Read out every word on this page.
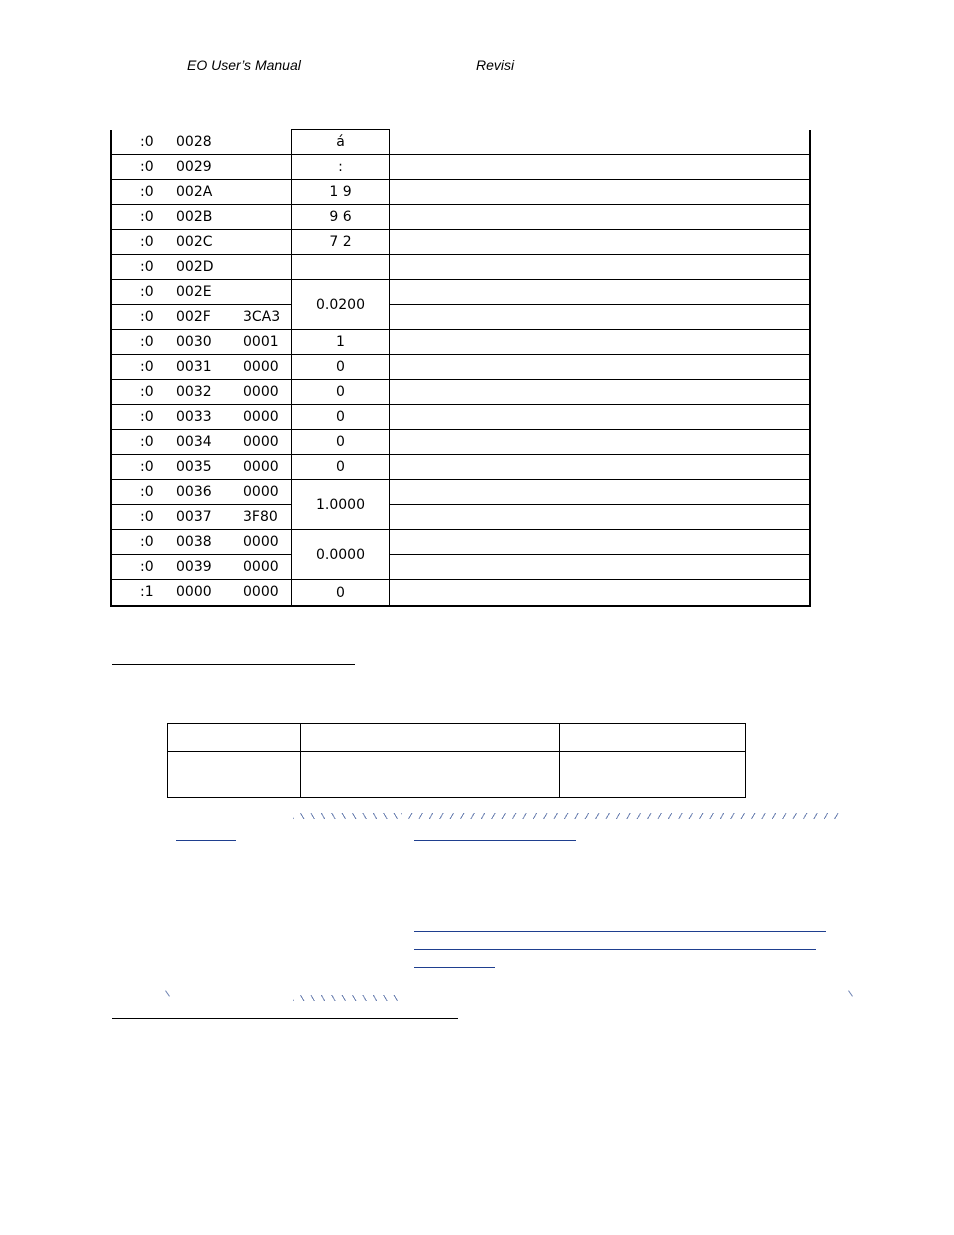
EO User’s Manual	Revisi
:0 0028	á	

:0 0029	:	

:0 002A	1 9	

:0 002B	9 6	

:0 002C	7 2	

:0 002D		

:0 002E	0.0200	

:0 002F 3CA3		

:0 0030 0001	1	

:0 0031 0000	0	

:0 0032 0000	0	

:0 0033 0000	0	

:0 0034 0000	0	

:0 0035 0000	0	

:0 0036 0000	1.0000	

:0 0037 3F80		

:0 0038 0000	0.0000	

:0 0039 0000		

:1 0000 0000	0	
